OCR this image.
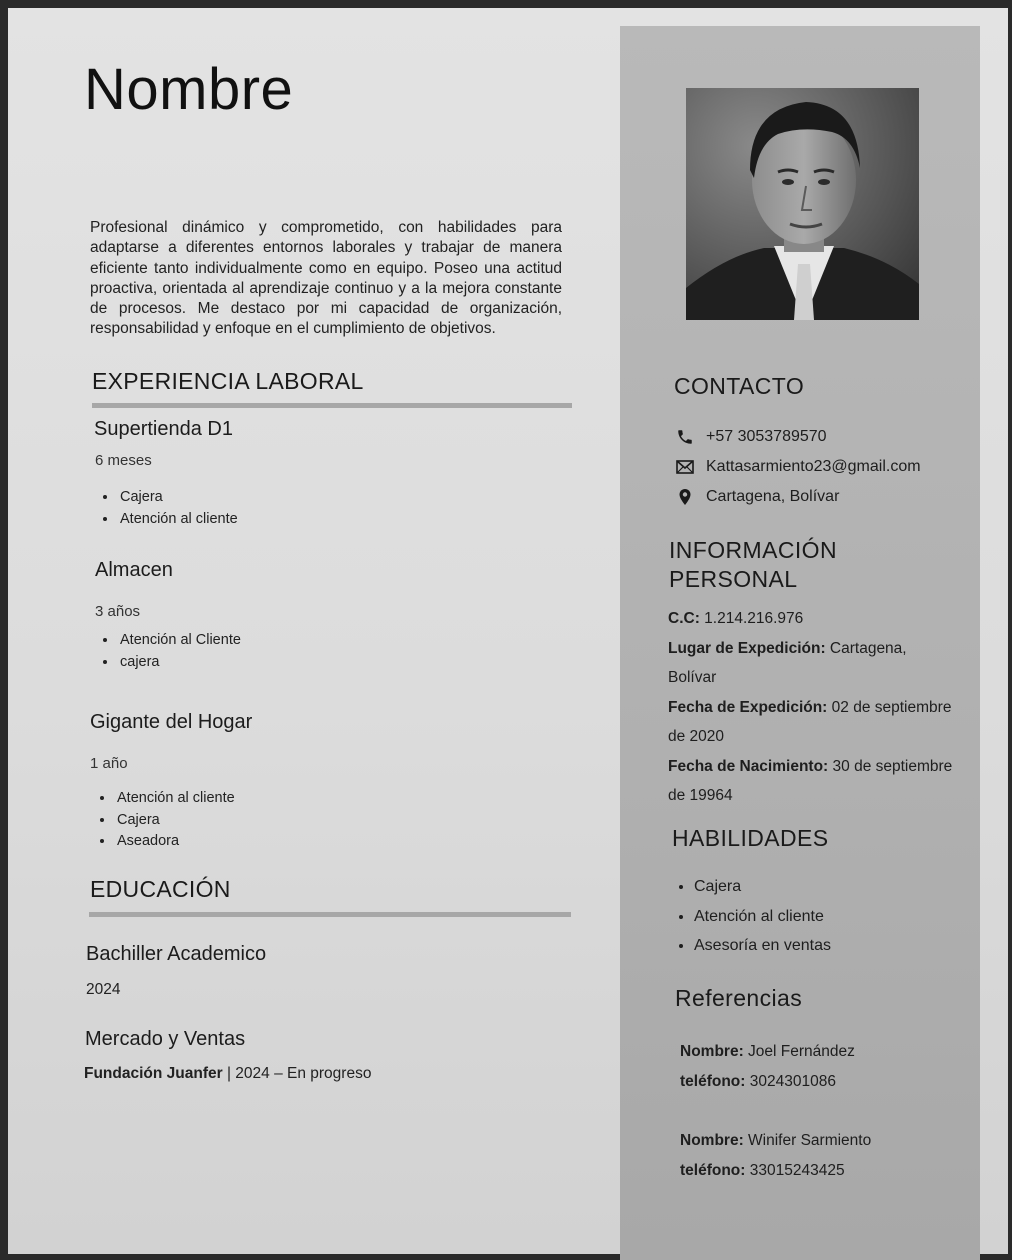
Nombre
Profesional dinámico y comprometido, con habilidades para adaptarse a diferentes entornos laborales y trabajar de manera eficiente tanto individualmente como en equipo. Poseo una actitud proactiva, orientada al aprendizaje continuo y a la mejora constante de procesos. Me destaco por mi capacidad de organización, responsabilidad y enfoque en el cumplimiento de objetivos.
EXPERIENCIA LABORAL
Supertienda D1
6 meses
• Cajera
• Atención al cliente
Almacen
3 años
• Atención al Cliente
• cajera
Gigante del Hogar
1 año
• Atención al cliente
• Cajera
• Aseadora
EDUCACIÓN
Bachiller Academico
2024
Mercado y Ventas
Fundación Juanfer | 2024 – En progreso
CONTACTO
+57 3053789570
Kattasarmiento23@gmail.com
Cartagena, Bolívar
INFORMACIÓN
PERSONAL
C.C: 1.214.216.976
Lugar de Expedición: Cartagena, Bolívar
Fecha de Expedición: 02 de septiembre de 2020
Fecha de Nacimiento: 30 de septiembre de 19964
HABILIDADES
• Cajera
• Atención al cliente
• Asesoría en ventas
Referencias
Nombre: Joel Fernández
teléfono: 3024301086
Nombre: Winifer Sarmiento
teléfono: 33015243425
